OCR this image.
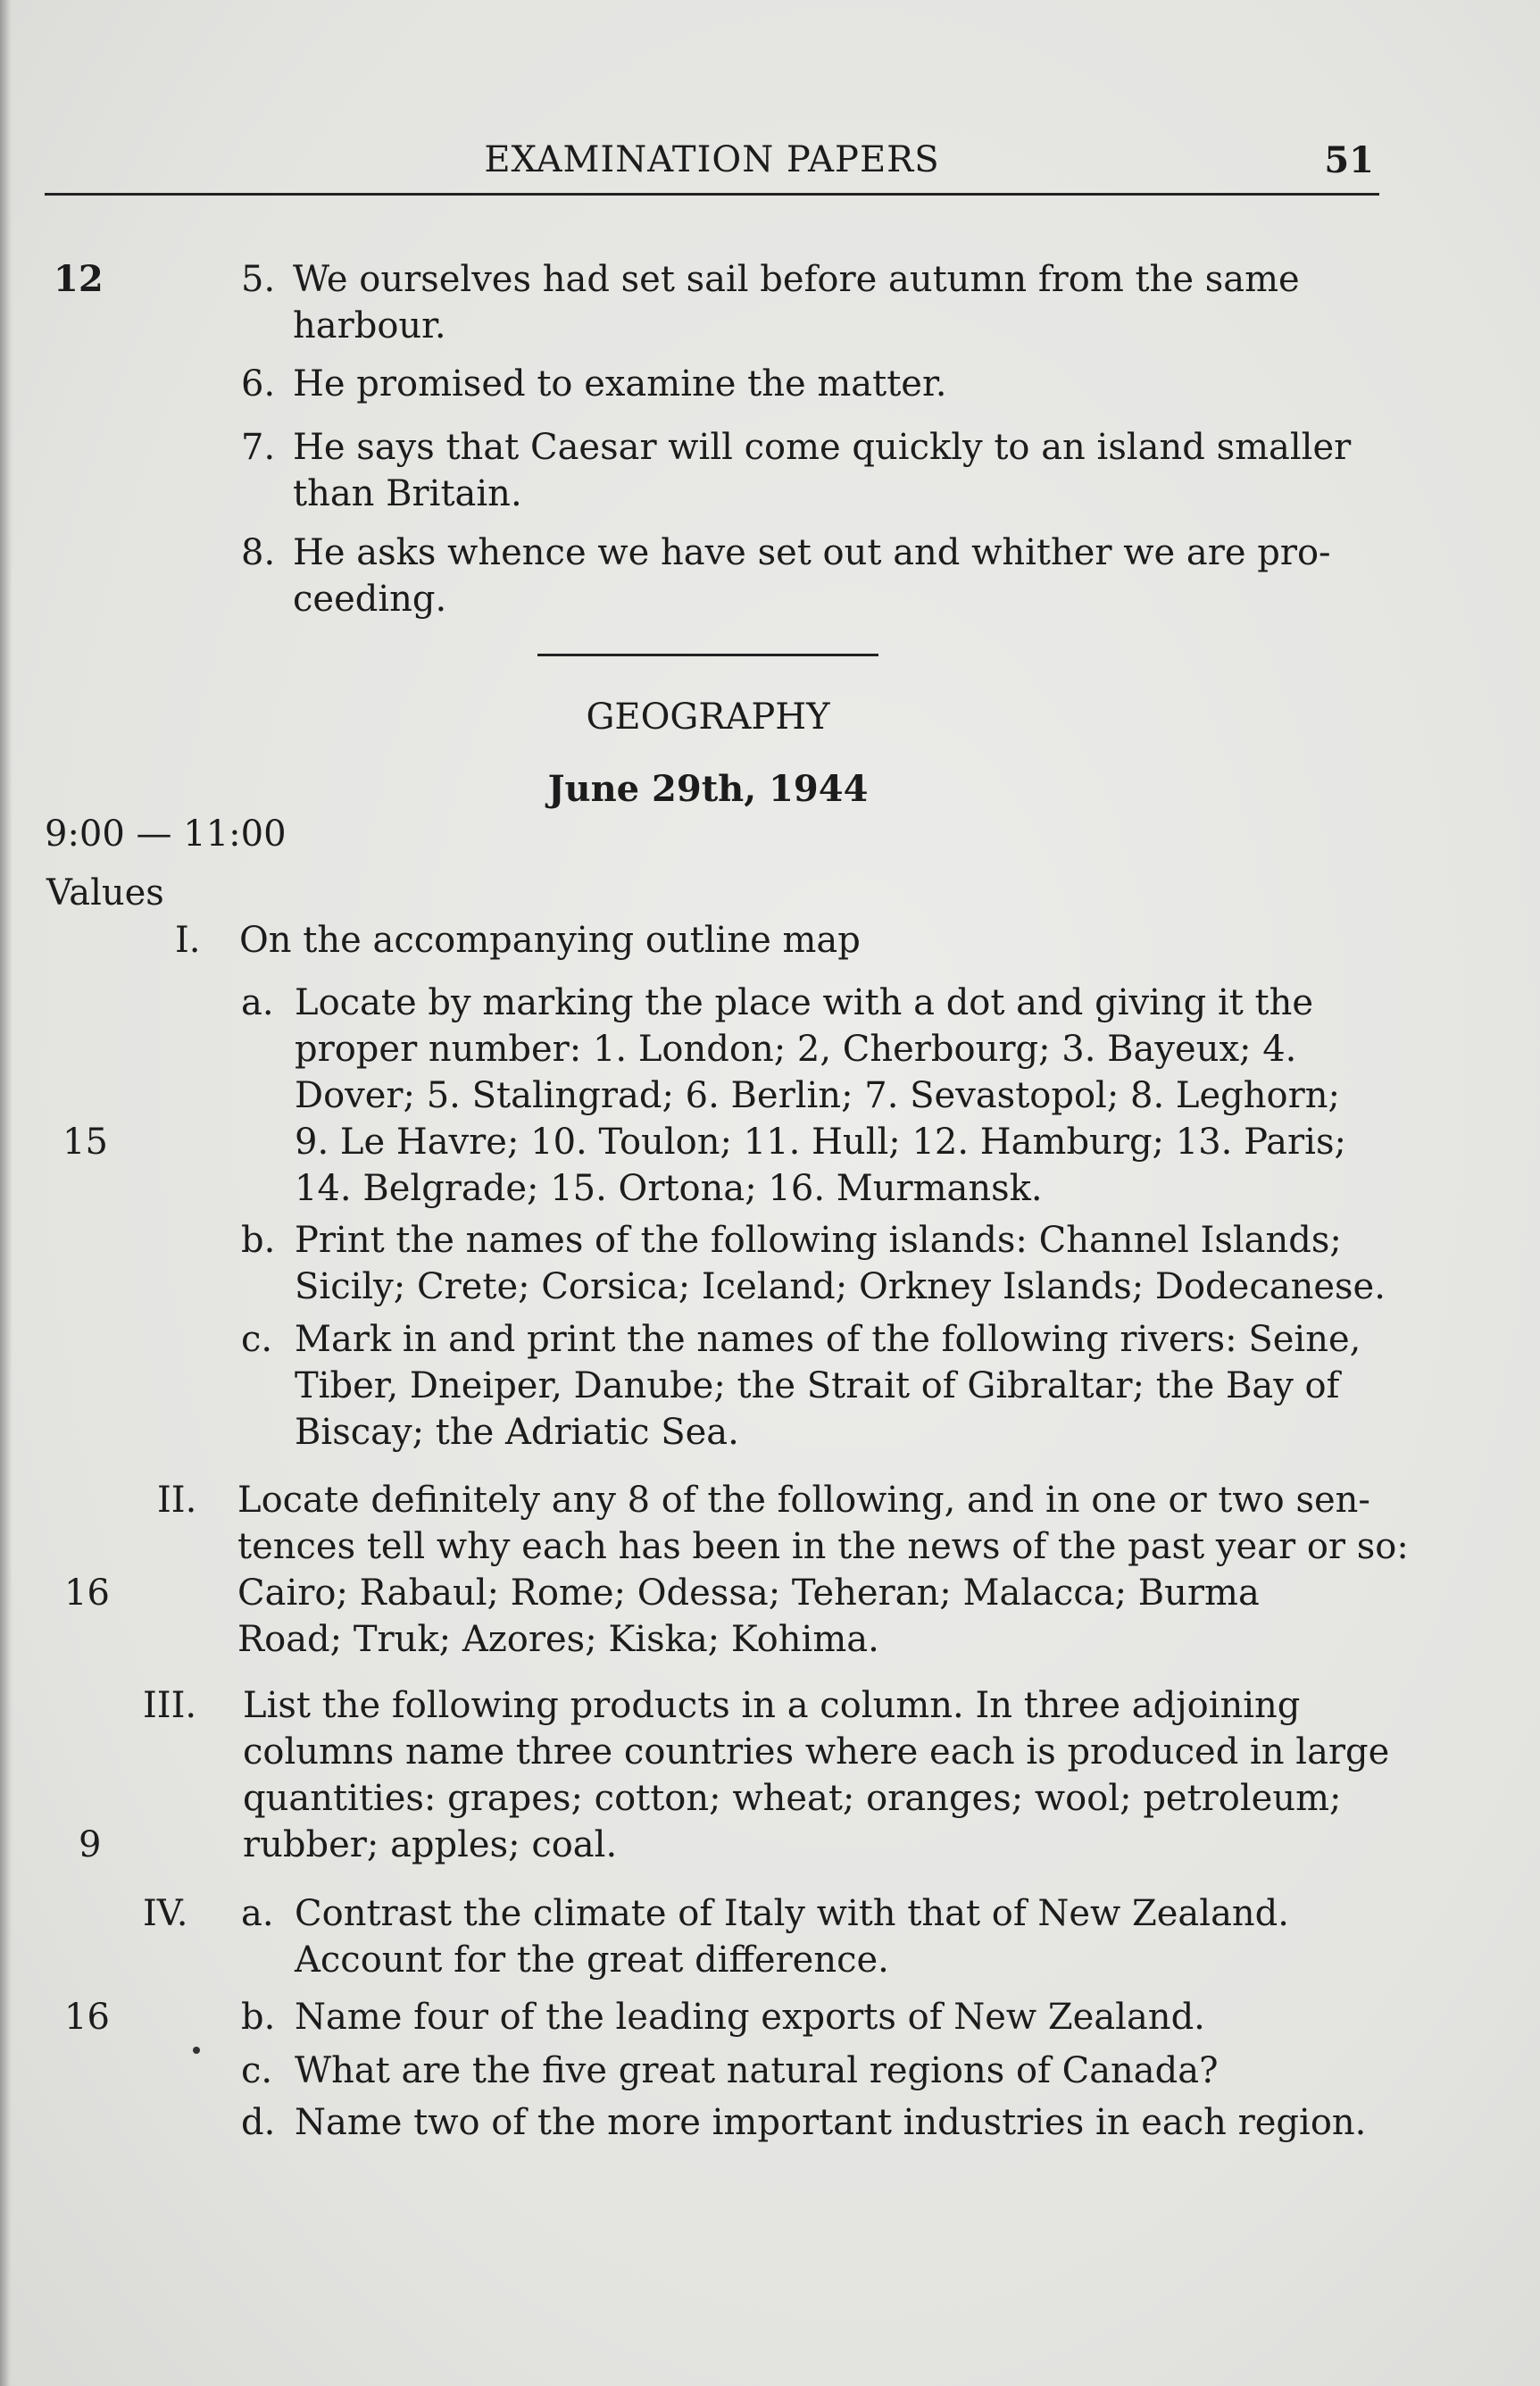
EXAMINATION PAPERS	51
12	5. We ourselves had set sail before autumn from the same
harbour.
6. He promised to examine the matter.
7. He says that Caesar will come quickly to an island smaller
than Britain.
8. He asks whence we have set out and whither we are pro-
ceeding.
GEOGRAPHY
June 29th, 1944
9:00 — 11:00
Values
I. On the accompanying outline map
a. Locate by marking the place with a dot and giving it the
proper number: 1. London; 2, Cherbourg; 3. Bayeux; 4.
Dover; 5. Stalingrad; 6. Berlin; 7. Sevastopol; 8. Leghorn;
9. Le Havre; 10. Toulon; 11. Hull; 12. Hamburg; 13. Paris;
14. Belgrade; 15. Ortona; 16. Murmansk.
15
b. Print the names of the following islands: Channel Islands;
Sicily; Crete; Corsica; Iceland; Orkney Islands; Dodecanese.
c. Mark in and print the names of the following rivers: Seine,
Tiber, Dneiper, Danube; the Strait of Gibraltar; the Bay of
Biscay; the Adriatic Sea.
II. Locate definitely any 8 of the following, and in one or two sen-
tences tell why each has been in the news of the past year or so:
Cairo; Rabaul; Rome; Odessa; Teheran; Malacca; Burma
Road; Truk; Azores; Kiska; Kohima.
16
III. List the following products in a column. In three adjoining
columns name three countries where each is produced in large
quantities: grapes; cotton; wheat; oranges; wool; petroleum;
rubber; apples; coal.
9
IV. a. Contrast the climate of Italy with that of New Zealand.
Account for the great difference.
b. Name four of the leading exports of New Zealand.
16
c. What are the five great natural regions of Canada?
d. Name two of the more important industries in each region.
